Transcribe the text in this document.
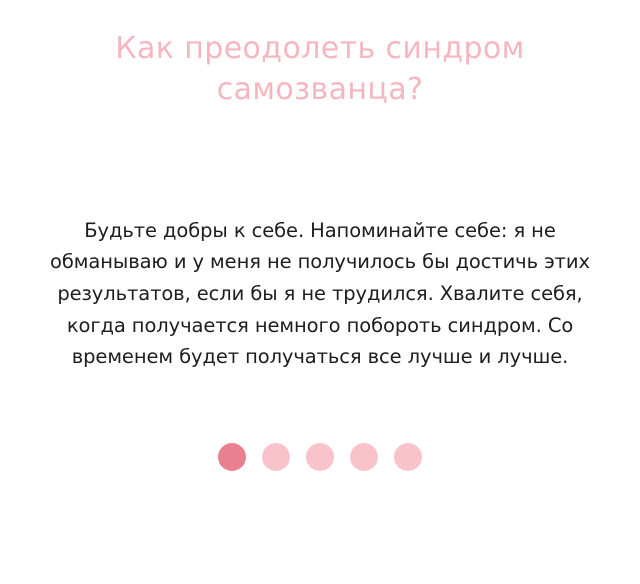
Как преодолеть синдром самозванца?
Будьте добры к себе. Напоминайте себе: я не обманываю и у меня не получилось бы достичь этих результатов, если бы я не трудился. Хвалите себя, когда получается немного побороть синдром. Со временем будет получаться все лучше и лучше.
